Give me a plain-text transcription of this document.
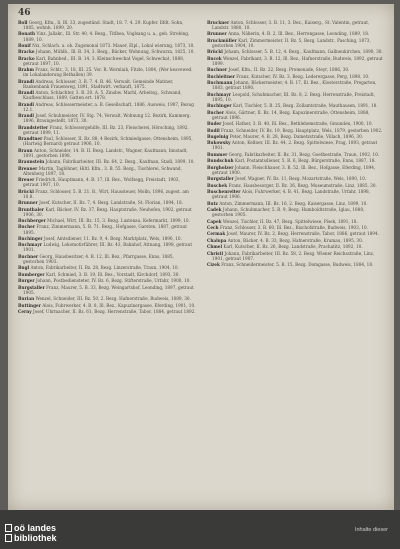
46

Boll Georg, Kfm., Ii, Bl. 33, zugeständ. Stadt, 18. 7. 4. 29. Kupfer. Ilfdt. Sohn, 1885, wohnh. 1899, 20.

Bonath Vinz. Jallakr., Ill. Str. 40, 4. Bezg., Titlbea, Voglsang u. a., geb. Strebing, 1889, 10.

Bonif Nix, Schlach. u. ob. Zugsmonal 1873. Mauer, Elpl., Lokal wierung, 1873, 10.

Bracke Johann, Mühlb., Ill. B. 34, 3. Bezg., Bäcker, Wohnung, Schwarza, 1825, 10.

Bracko Karl, Bahnbed., III. B. 14, 3. Kleinschwechat Vogel, Schwechat, 1888, getraut 1897, 10.

Brahm Franz, Schlr., 3, 18, III. 25. Vor. R. Wernlaib, Fitzle, 1804, (Wer keavewed. im Lokalanderung Bethallen) 39.

Brandl Andreas, Schlosser, 3. B. 7. 4. B. 46. Verwalt. Gemeinde Matiner, Bankenbank Frauenweg, 1891, Stadtwirt. verkauft, 1875.

Brandl Anton, Schlachter, 3. B. 20. A. 5. Zinsbw. Marhl, Arbeitsg., Schwand, Kaufbeschluss, 1889, Gatten ert. 1878.

Brandl Andreas, Schlossermeister, a. B. Gesellschaft, 1886, Ausweis, 1907, Bezug 12.1.

Brandl Josef, Schuhmeister, IV. Stg. 74, Verwalt. Wohnung 12. Bezirk, Kammerg. 1896, Braungestellt, 1873, 30.

Brandstetter Franz, Schlossergehilfe, III. Bz. 23, Fleischerei, Hörsching, 1892, getraut 1899, 11.

Brandtner Paul, Schlosser, II. Bz. 88, 4 Bezirk, Schmiedgasse, Ottensheim, 1895, (Hartwig Bernard) getraut 1906, 10.

Braun Anton, Schneider, 14. B. II. Bezg. Landstr., Wagner, Kaufmann, Innstadt, 1891, gestorben 1898.

Braunstein Johann, Fabrikarbeiter, III. Bz. 64, 2. Bezg., Kaufman, Stadl, 1899, 10.

Brenner Martin, Taglöhner, Hiltl. Kfm., 3. B. 55. Bezg., Tischlerei, Schwand, Altenberg 1897, 18.

Breuer Friedrich, Hauptmann, 4. B. 17, Ill. Bez., Wolfsegg, Freistadt, 1903, getraut 1907, 10.

Brückl Franz, Schlosser, 5. B. 21. B., Wirt, Haussteuer, Molln, 1896, zugest. am 10.8.

Brunner Josef, Kutscher, II. Bz. 7, 4. Bezg. Landstraße, St. Florian, 1894, 18.

Brunthaler Karl, Bäcker, IV. Bz. 37, Bezg. Hauptstraße, Neuhofen, 1902, getraut 1906, 30.

Buchberger Michael, Wirt, III. Bz. 15, 3. Bezg. Lustenau, Kefermarkt, 1899, 10.

Bucher Franz, Zimmermann, 5. B. 71. Bezg., Hofgasse, Garsten, 1887, getraut 1895.

Buchinger Josef, Amtsdiener, 11. Bz. 9, 4. Bezg. Marktplatz, Wels, 1890, 10.

Buchmayr Ludwig, Lokomotivführer, III. Bz. 43, Bahnhof, Attnang, 1898, getraut 1901.

Buchner Georg, Hausbesitzer, 4. B. 12, Ill. Bez., Pfarrgasse, Enns, 1885, gestorben 1903.

Bugl Anton, Fabrikarbeiter, II. Bz. 28, Bezg. Linzerstraße, Traun, 1904, 10.

Bumberger Karl, Schmied, 3. B. 19, Ill. Bez., Vorstadt, Kirchdorf, 1893, 30.

Burger Johann, Postbediensteter, IV. Bz. 6, Bezg. Stifterstraße, Urfahr, 1900, 10.

Burgstaller Franz, Maurer, 5. B. 33, Bezg. Weingartshof, Leonding, 1897, getraut 1905.

Burian Wenzel, Schneider, III. Bz. 50, 2. Bezg. Hafnerstraße, Budweis, 1889, 30.

Buttinger Alois, Fuhrwerker, 4. B. 8, Ill. Bez., Kapuzinergasse, Eferding, 1901, 10.

Cerny Josef, Uhrmacher, II. Bz. 61, Bezg. Herrenstraße, Tabor, 1884, getraut 1892.

Bruckner Anton, Schlosser, 3. B. 11, 3. Bez., Kaiserg., St. Valentin, getraut, Landstr. 1880, 10.

Brunner Anna, Näherin, 4. B. 2, Ill. Bez., Herrengasse, Leonding, 1889, 18.

Bruckmüller Karl, Zimmermeister, II. Bz. 5, Bezg. Landstr., Pasching, 1873, gestorben 1904, 10.

Brückl Johann, Schlosser, 5. B. 12, 4. Bezg., Kaufmann, Gallneukirchen, 1890, 30.

Bucek Wenzel, Fabrikant, 3. B. 12, Ill. Bez., Hafnerstraße, Budweis, 1892, getraut 1899.

Buchner Josef, Kfm., II. Bz. 22, Bezg. Promenade, Steyr, 1886, 30.

Buchleitner Franz, Kutscher, IV. Bz. 3, Bezg. Lederergasse, Perg, 1898, 10.

Buchmann Johann, Bäckermeister, 4. B. 17, Ill. Bez., Klosterstraße, Pregarten, 1883, getraut 1890.

Buchmayr Leopold, Schuhmacher, III. Bz. 8, 2. Bezg. Herrenstraße, Freistadt, 1895, 10.

Buchinger Karl, Tischler, 5. B. 25, Bezg. Zollamtstraße, Mauthausen, 1891, 18.

Bucher Alois, Gärtner, II. Bz. 14, Bezg. Kapuzinerstraße, Ottensheim, 1888, getraut 1896.

Buder Josef, Hafner, 3. B. 40, Ill. Bez., Bethlehemstraße, Gmunden, 1900, 10.

Budil Franz, Schneider, IV. Bz. 19, Bezg. Hauptplatz, Wels, 1879, gestorben 1902.

Bugelnig Peter, Maurer, 4. B. 28, Bezg. Dametzstraße, Villach, 1896, 30.

Bukowsky Anton, Kellner, III. Bz. 44, 2. Bezg. Spittelwiese, Prag, 1893, getraut 1901.

Bummer Georg, Fabrikarbeiter, II. Bz. 31, Bezg. Goethestraße, Traun, 1902, 10.

Bundschuh Karl, Postamtsdiener, 5. B. 6, Bezg. Bürgerstraße, Enns, 1887, 18.

Burgholzer Johann, Fleischhauer, 3. B. 52, Ill. Bez., Hofgasse, Eferding, 1894, getraut 1900.

Burgstaller Josef, Wagner, IV. Bz. 11, Bezg. Mozartstraße, Wels, 1890, 10.

Buschek Franz, Hausbesorger, II. Bz. 36, Bezg. Museumstraße, Linz, 1885, 30.

Buschenreiter Alois, Fuhrwerker, 4. B. 41, Bezg. Landstraße, Urfahr, 1898, getraut 1906.

Butz Anton, Zimmermann, III. Bz. 16, 2. Bezg. Kaisergasse, Linz, 1899, 10.

Cadek Johann, Schuhmacher, 5. B. 9, Bezg. Humboldtstraße, Iglau, 1888, gestorben 1905.

Capek Wenzel, Tischler, II. Bz. 47, Bezg. Spittelwiese, Pisek, 1891, 18.

Cech Franz, Schlosser, 3. B. 60, Ill. Bez., Bischofstraße, Budweis, 1903, 10.

Cermak Josef, Maurer, IV. Bz. 2, Bezg. Herrenstraße, Tabor, 1886, getraut 1894.

Chalupa Anton, Bäcker, 4. B. 33, Bezg. Hafnerstraße, Krumau, 1895, 30.

Chmel Karl, Kutscher, II. Bz. 26, Bezg. Landstraße, Prachatitz, 1892, 10.

Christl Johann, Fabrikarbeiter, III. Bz. 58, 2. Bezg. Wiener Reichsstraße, Linz, 1901, getraut 1907.

Cizek Franz, Schneidermeister, 5. B. 15, Bezg. Domgasse, Budweis, 1884, 18.

oö landes
bibliothek
Inhalte dieser
